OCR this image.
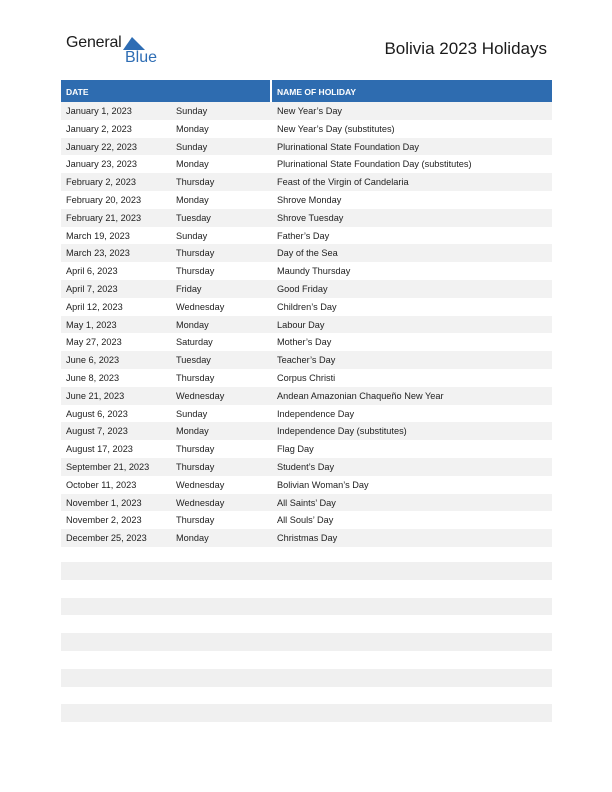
General
Blue	Bolivia 2023 Holidays
DATE	NAME OF HOLIDAY
January 1, 2023	Sunday	New Year’s Day
January 2, 2023	Monday	New Year’s Day (substitutes)
January 22, 2023	Sunday	Plurinational State Foundation Day
January 23, 2023	Monday	Plurinational State Foundation Day (substitutes)
February 2, 2023	Thursday	Feast of the Virgin of Candelaria
February 20, 2023	Monday	Shrove Monday
February 21, 2023	Tuesday	Shrove Tuesday
March 19, 2023	Sunday	Father’s Day
March 23, 2023	Thursday	Day of the Sea
April 6, 2023	Thursday	Maundy Thursday
April 7, 2023	Friday	Good Friday
April 12, 2023	Wednesday	Children’s Day
May 1, 2023	Monday	Labour Day
May 27, 2023	Saturday	Mother’s Day
June 6, 2023	Tuesday	Teacher’s Day
June 8, 2023	Thursday	Corpus Christi
June 21, 2023	Wednesday	Andean Amazonian Chaqueño New Year
August 6, 2023	Sunday	Independence Day
August 7, 2023	Monday	Independence Day (substitutes)
August 17, 2023	Thursday	Flag Day
September 21, 2023	Thursday	Student’s Day
October 11, 2023	Wednesday	Bolivian Woman’s Day
November 1, 2023	Wednesday	All Saints’ Day
November 2, 2023	Thursday	All Souls’ Day
December 25, 2023	Monday	Christmas Day
